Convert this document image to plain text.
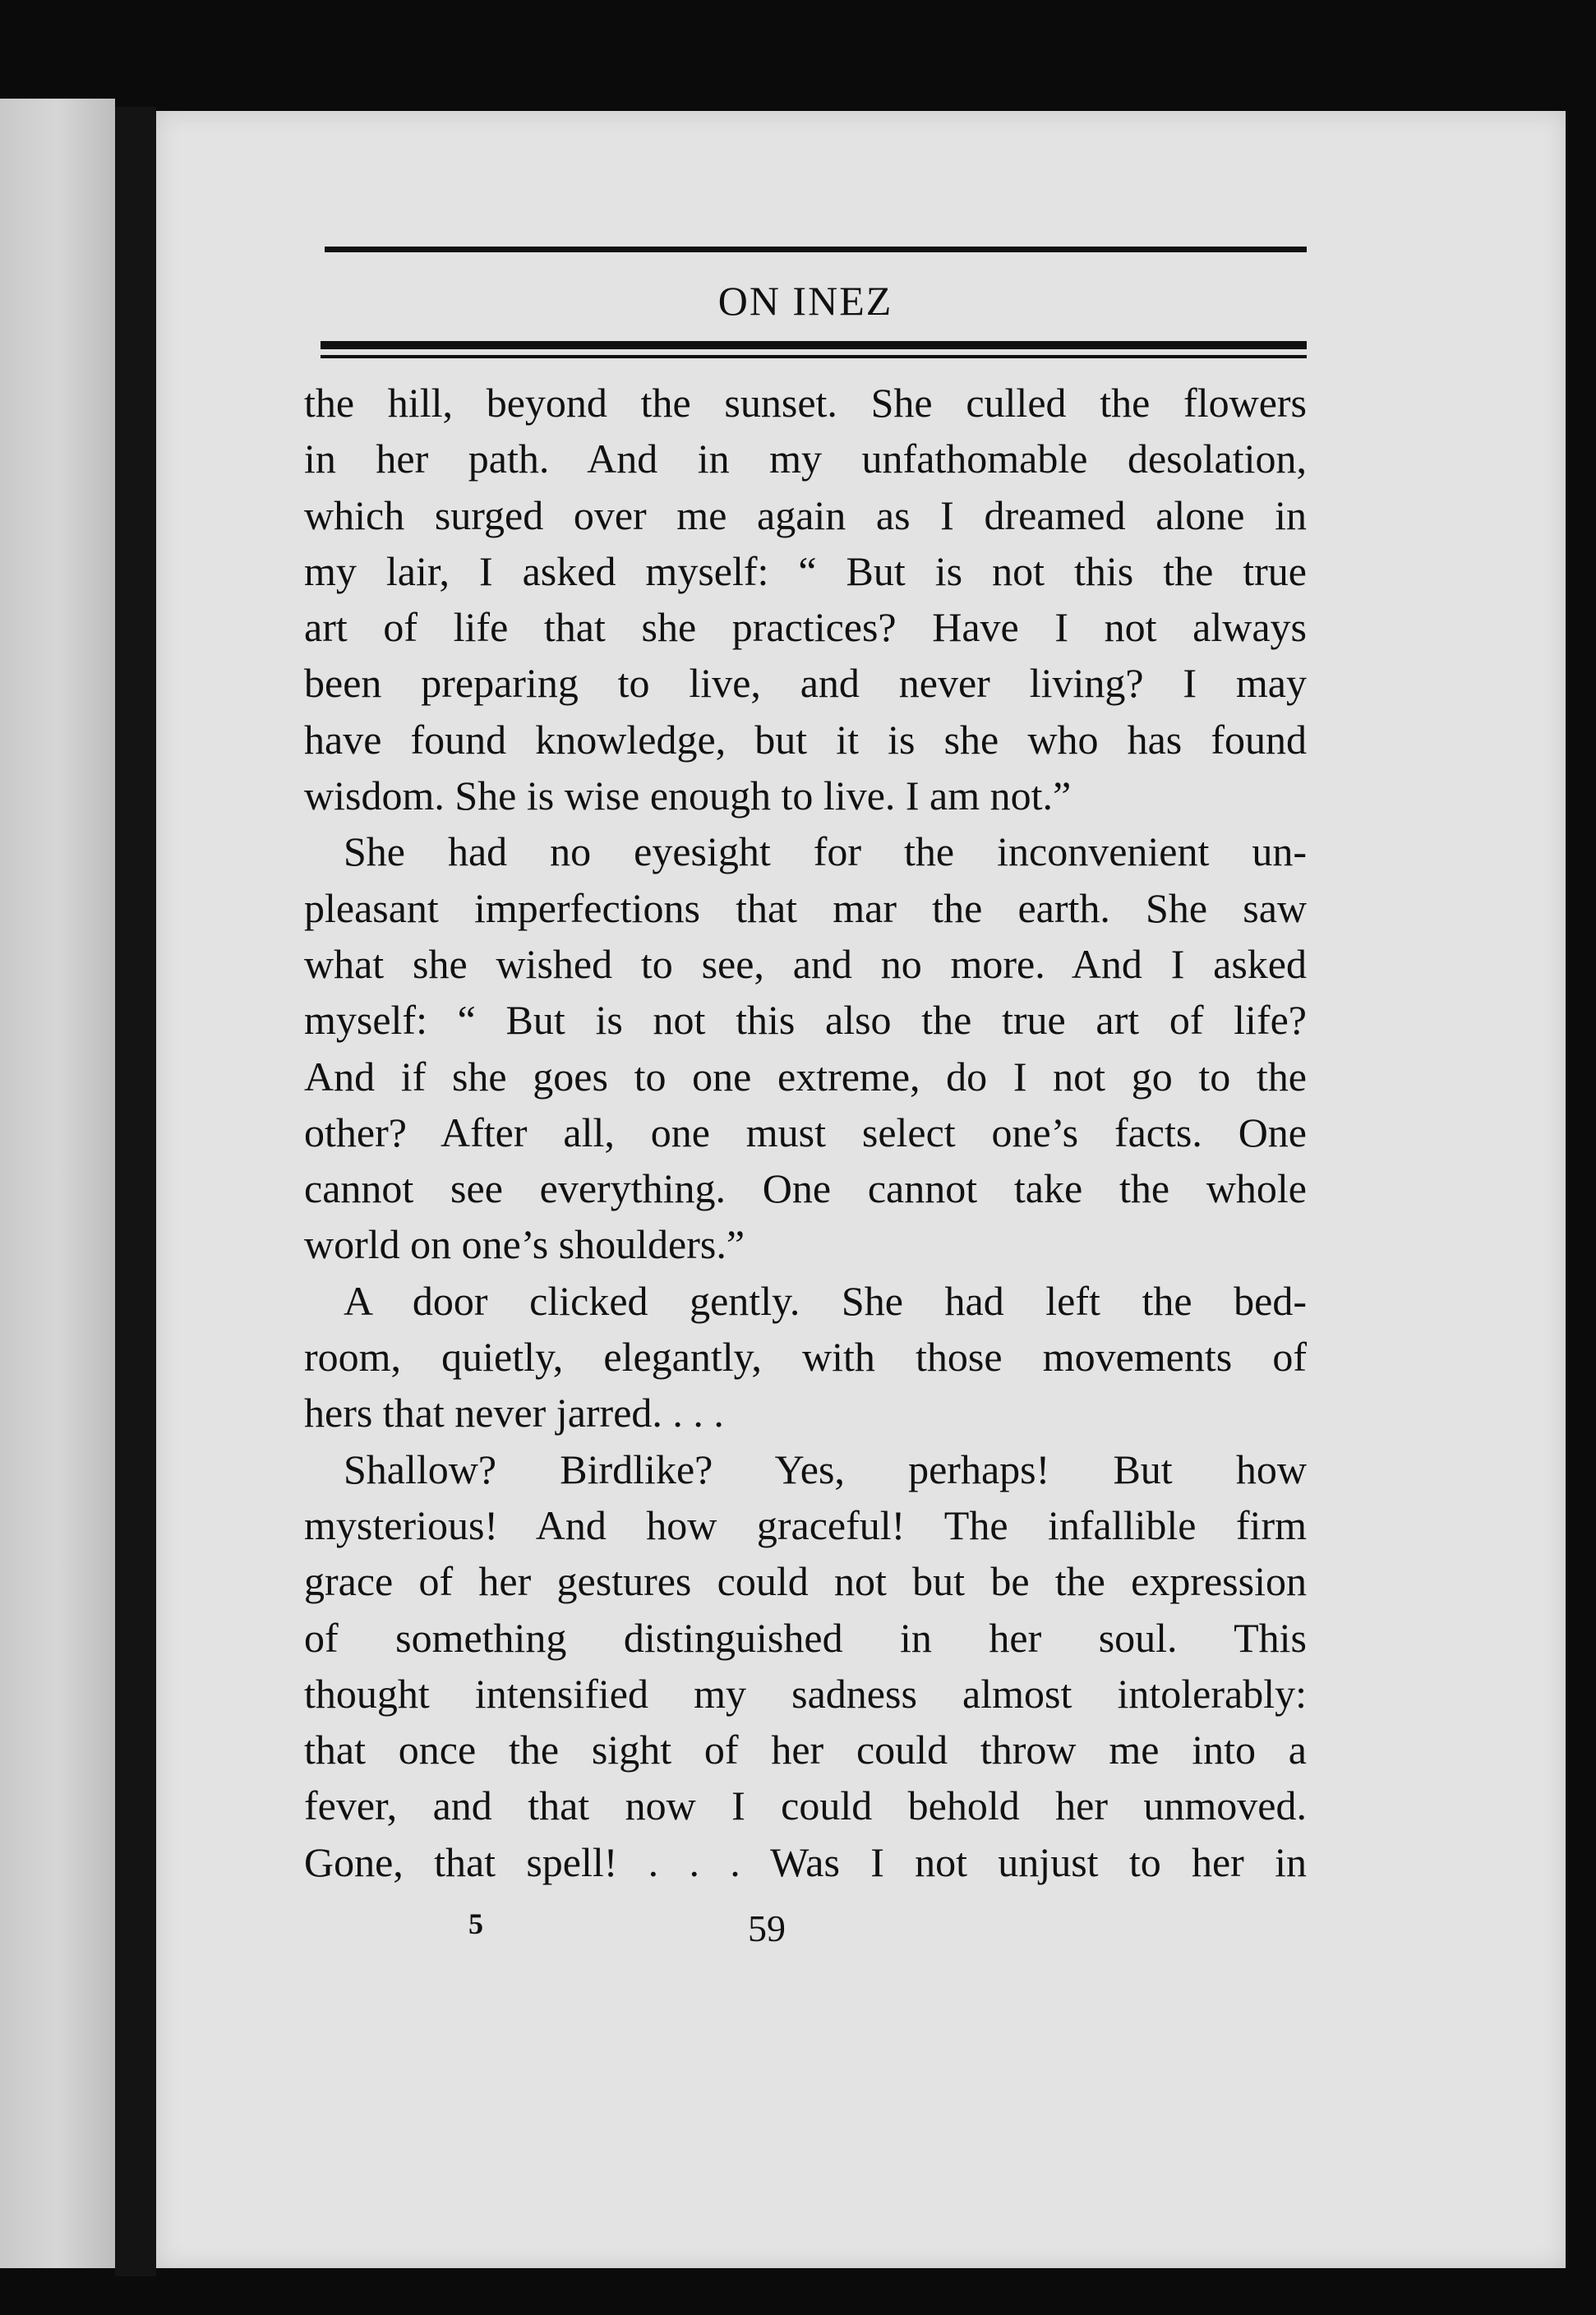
ON INEZ
the hill, beyond the sunset. She culled the flowers
in her path. And in my unfathomable desolation,
which surged over me again as I dreamed alone in
my lair, I asked myself: “ But is not this the true
art of life that she practices? Have I not always
been preparing to live, and never living? I may
have found knowledge, but it is she who has found
wisdom. She is wise enough to live. I am not.”
She had no eyesight for the inconvenient un-
pleasant imperfections that mar the earth. She saw
what she wished to see, and no more. And I asked
myself: “ But is not this also the true art of life?
And if she goes to one extreme, do I not go to the
other? After all, one must select one’s facts. One
cannot see everything. One cannot take the whole
world on one’s shoulders.”
A door clicked gently. She had left the bed-
room, quietly, elegantly, with those movements of
hers that never jarred. . . .
Shallow? Birdlike? Yes, perhaps! But how
mysterious! And how graceful! The infallible firm
grace of her gestures could not but be the expression
of something distinguished in her soul. This
thought intensified my sadness almost intolerably:
that once the sight of her could throw me into a
fever, and that now I could behold her unmoved.
Gone, that spell! . . . Was I not unjust to her in
5	59
